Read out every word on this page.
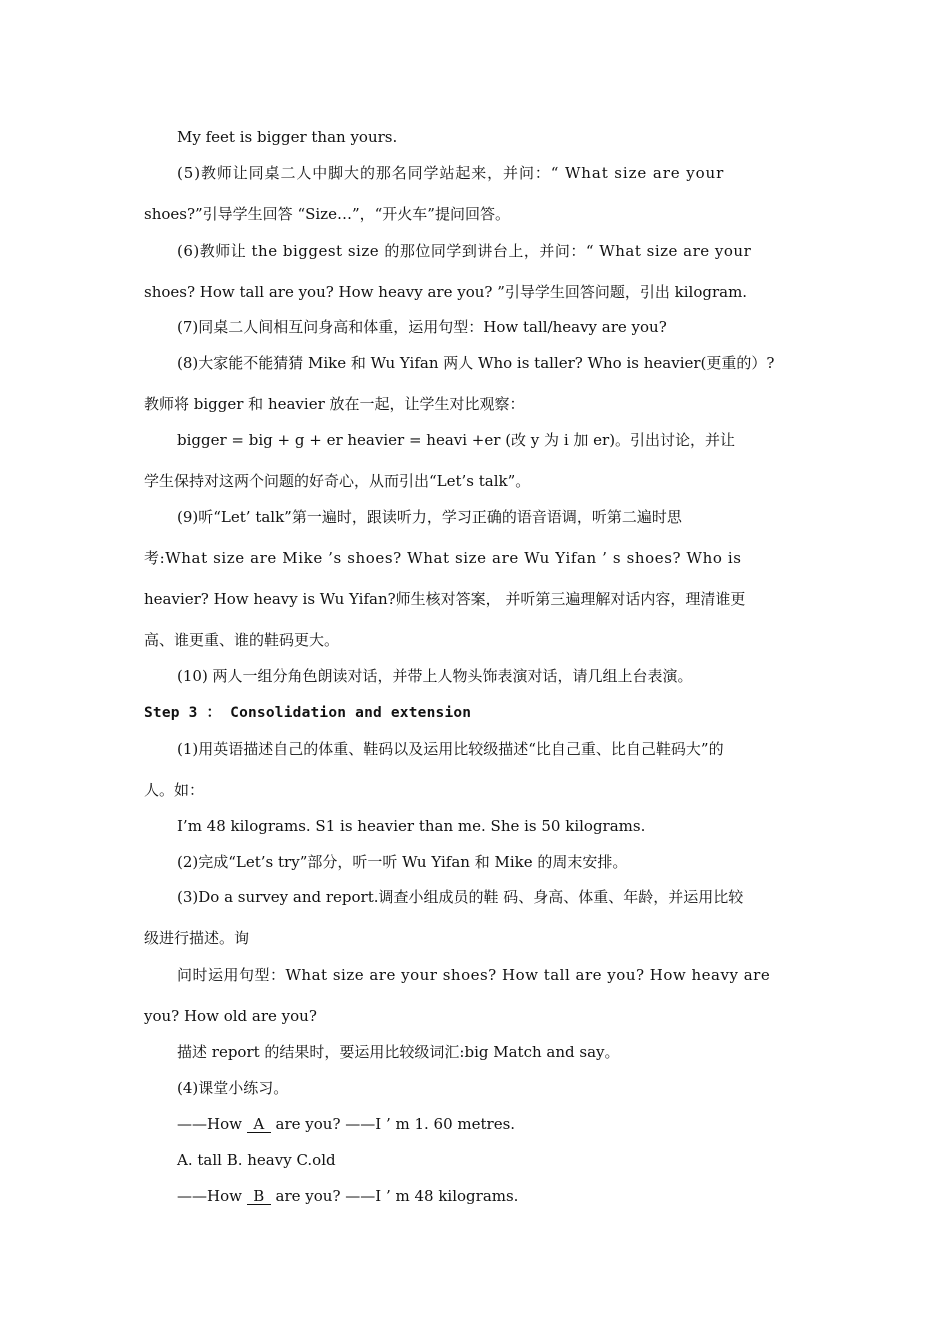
My feet is bigger than yours.
(5)教师让同桌二人中脚大的那名同学站起来，并问：“ What size are your
shoes?”引导学生回答 “Size…”，“开火车”提问回答。
(6)教师让 the biggest size 的那位同学到讲台上，并问：“ What size are your
shoes? How tall are you? How heavy are you? ”引导学生回答问题，引出 kilogram.
(7)同桌二人间相互问身高和体重，运用句型：How tall/heavy are you?
(8)大家能不能猜猜 Mike 和 Wu Yifan 两人 Who is taller? Who is heavier(更重的）?
教师将 bigger 和 heavier 放在一起，让学生对比观察：
bigger = big + g + er heavier = heavi +er (改 y 为 i 加 er)。引出讨论，并让
学生保持对这两个问题的好奇心，从而引出“Let’s talk”。
(9)听“Let’ talk”第一遍时，跟读听力，学习正确的语音语调，听第二遍时思
考:What size are Mike ’s shoes? What size are Wu Yifan ’ s shoes? Who is
heavier? How heavy is Wu Yifan?师生核对答案， 并听第三遍理解对话内容，理清谁更
高、谁更重、谁的鞋码更大。
(10) 两人一组分角色朗读对话，并带上人物头饰表演对话，请几组上台表演。
Step 3 ： Consolidation and extension
(1)用英语描述自己的体重、鞋码以及运用比较级描述“比自己重、比自己鞋码大”的
人。如：
I’m 48 kilograms. S1 is heavier than me. She is 50 kilograms.
(2)完成“Let’s try”部分，听一听 Wu Yifan 和 Mike 的周末安排。
(3)Do a survey and report.调查小组成员的鞋 码、身高、体重、年龄，并运用比较
级进行描述。询
问时运用句型：What size are your shoes? How tall are you? How heavy are
you? How old are you?
描述 report 的结果时，要运用比较级词汇:big Match and say。
(4)课堂小练习。
——How A are you? ——I ’ m 1. 60 metres.
A. tall B. heavy C.old
——How B are you? ——I ’ m 48 kilograms.
